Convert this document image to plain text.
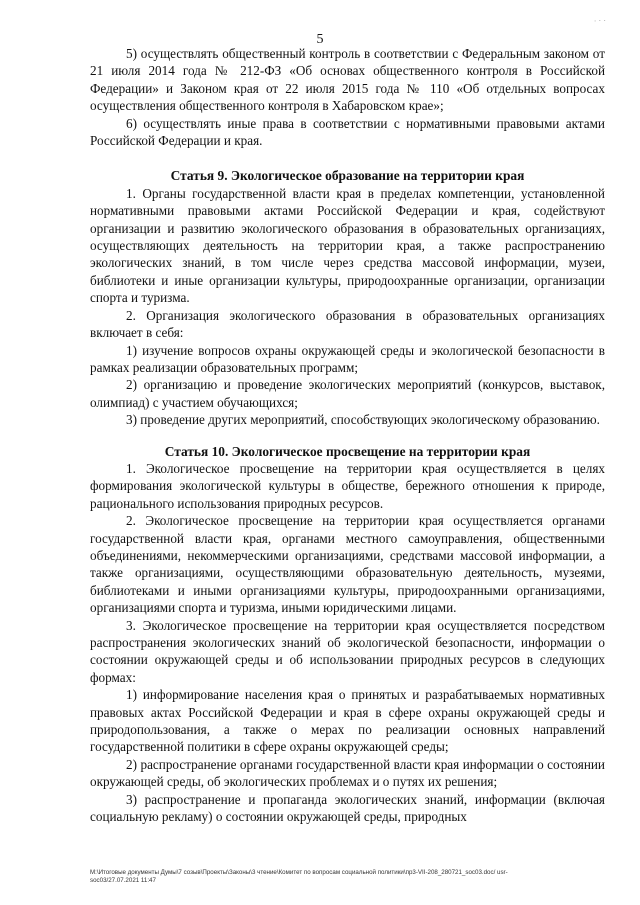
∙ · ·
5

5) осуществлять общественный контроль в соответствии с Федеральным законом от 21 июля 2014 года № 212-ФЗ «Об основах общественного контроля в Российской Федерации» и Законом края от 22 июля 2015 года № 110 «Об отдельных вопросах осуществления общественного контроля в Хабаровском крае»;

6) осуществлять иные права в соответствии с нормативными правовыми актами Российской Федерации и края.

Статья 9. Экологическое образование на территории края

1. Органы государственной власти края в пределах компетенции, установленной нормативными правовыми актами Российской Федерации и края, содействуют организации и развитию экологического образования в образовательных организациях, осуществляющих деятельность на территории края, а также распространению экологических знаний, в том числе через средства массовой информации, музеи, библиотеки и иные организации культуры, природоохранные организации, организации спорта и туризма.

2. Организация экологического образования в образовательных организациях включает в себя:

1) изучение вопросов охраны окружающей среды и экологической безопасности в рамках реализации образовательных программ;

2) организацию и проведение экологических мероприятий (конкурсов, выставок, олимпиад) с участием обучающихся;

3) проведение других мероприятий, способствующих экологическому образованию.

Статья 10. Экологическое просвещение на территории края

1. Экологическое просвещение на территории края осуществляется в целях формирования экологической культуры в обществе, бережного отношения к природе, рационального использования природных ресурсов.

2. Экологическое просвещение на территории края осуществляется органами государственной власти края, органами местного самоуправления, общественными объединениями, некоммерческими организациями, средствами массовой информации, а также организациями, осуществляющими образовательную деятельность, музеями, библиотеками и иными организациями культуры, природоохранными организациями, организациями спорта и туризма, иными юридическими лицами.

3. Экологическое просвещение на территории края осуществляется посредством распространения экологических знаний об экологической безопасности, информации о состоянии окружающей среды и об использовании природных ресурсов в следующих формах:

1) информирование населения края о принятых и разрабатываемых нормативных правовых актах Российской Федерации и края в сфере охраны окружающей среды и природопользования, а также о мерах по реализации основных направлений государственной политики в сфере охраны окружающей среды;

2) распространение органами государственной власти края информации о состоянии окружающей среды, об экологических проблемах и о путях их решения;

3) распространение и пропаганда экологических знаний, информации (включая социальную рекламу) о состоянии окружающей среды, природных

M:\Итоговые документы Думы\7 созыв\Проекты\Законы\3 чтение\Комитет по вопросам социальной политики\пр3-VII-208_280721_soc03.doc/ usr-
soc03/27.07.2021 11:47
